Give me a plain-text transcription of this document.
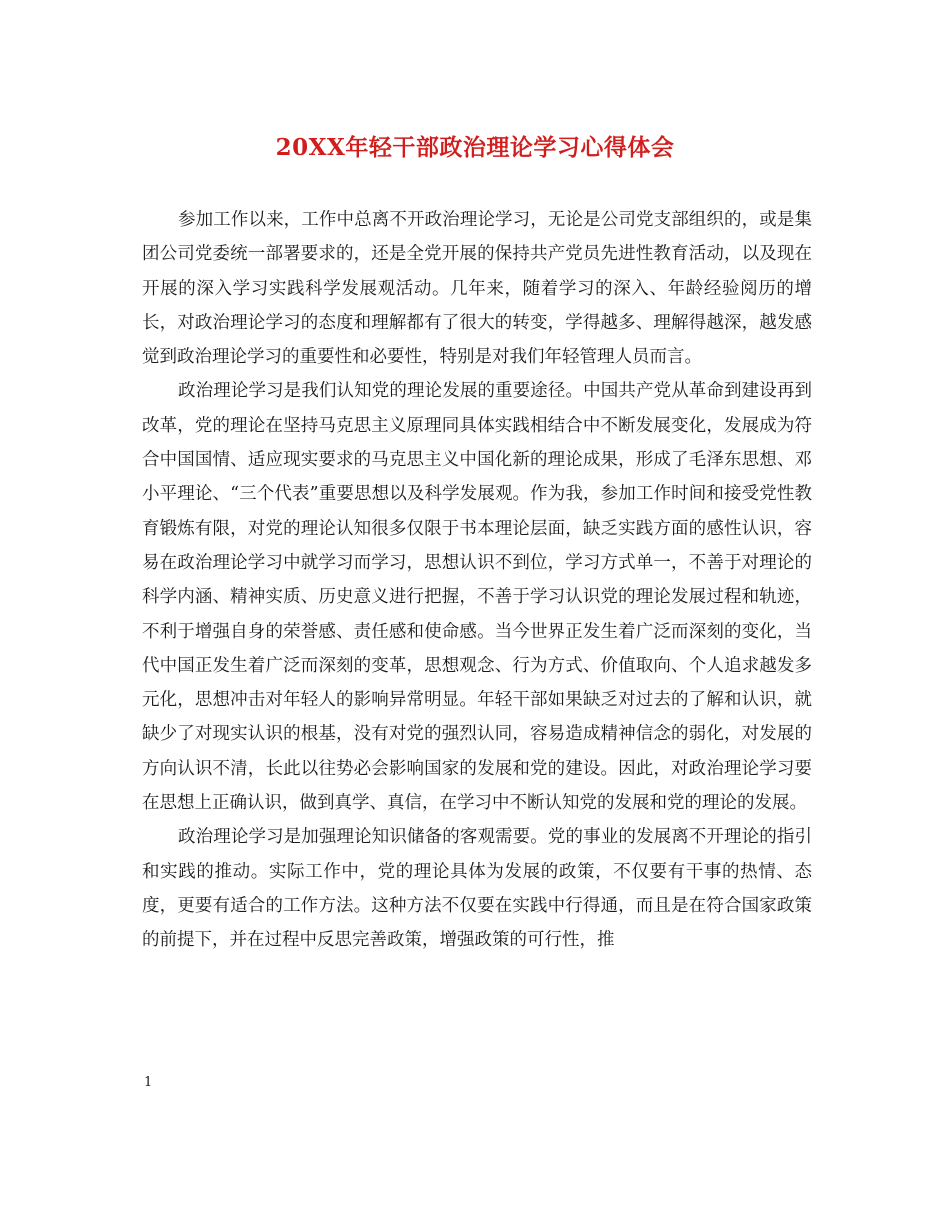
20XX年轻干部政治理论学习心得体会

参加工作以来，工作中总离不开政治理论学习，无论是公司党支部组织的，或是集团公司党委统一部署要求的，还是全党开展的保持共产党员先进性教育活动，以及现在开展的深入学习实践科学发展观活动。几年来，随着学习的深入、年龄经验阅历的增长，对政治理论学习的态度和理解都有了很大的转变，学得越多、理解得越深，越发感觉到政治理论学习的重要性和必要性，特别是对我们年轻管理人员而言。

政治理论学习是我们认知党的理论发展的重要途径。中国共产党从革命到建设再到改革，党的理论在坚持马克思主义原理同具体实践相结合中不断发展变化，发展成为符合中国国情、适应现实要求的马克思主义中国化新的理论成果，形成了毛泽东思想、邓小平理论、“三个代表”重要思想以及科学发展观。作为我，参加工作时间和接受党性教育锻炼有限，对党的理论认知很多仅限于书本理论层面，缺乏实践方面的感性认识，容易在政治理论学习中就学习而学习，思想认识不到位，学习方式单一，不善于对理论的科学内涵、精神实质、历史意义进行把握，不善于学习认识党的理论发展过程和轨迹，不利于增强自身的荣誉感、责任感和使命感。当今世界正发生着广泛而深刻的变化，当代中国正发生着广泛而深刻的变革，思想观念、行为方式、价值取向、个人追求越发多元化，思想冲击对年轻人的影响异常明显。年轻干部如果缺乏对过去的了解和认识，就缺少了对现实认识的根基，没有对党的强烈认同，容易造成精神信念的弱化，对发展的方向认识不清，长此以往势必会影响国家的发展和党的建设。因此，对政治理论学习要在思想上正确认识，做到真学、真信，在学习中不断认知党的发展和党的理论的发展。

政治理论学习是加强理论知识储备的客观需要。党的事业的发展离不开理论的指引和实践的推动。实际工作中，党的理论具体为发展的政策，不仅要有干事的热情、态度，更要有适合的工作方法。这种方法不仅要在实践中行得通，而且是在符合国家政策的前提下，并在过程中反思完善政策，增强政策的可行性，推

1
